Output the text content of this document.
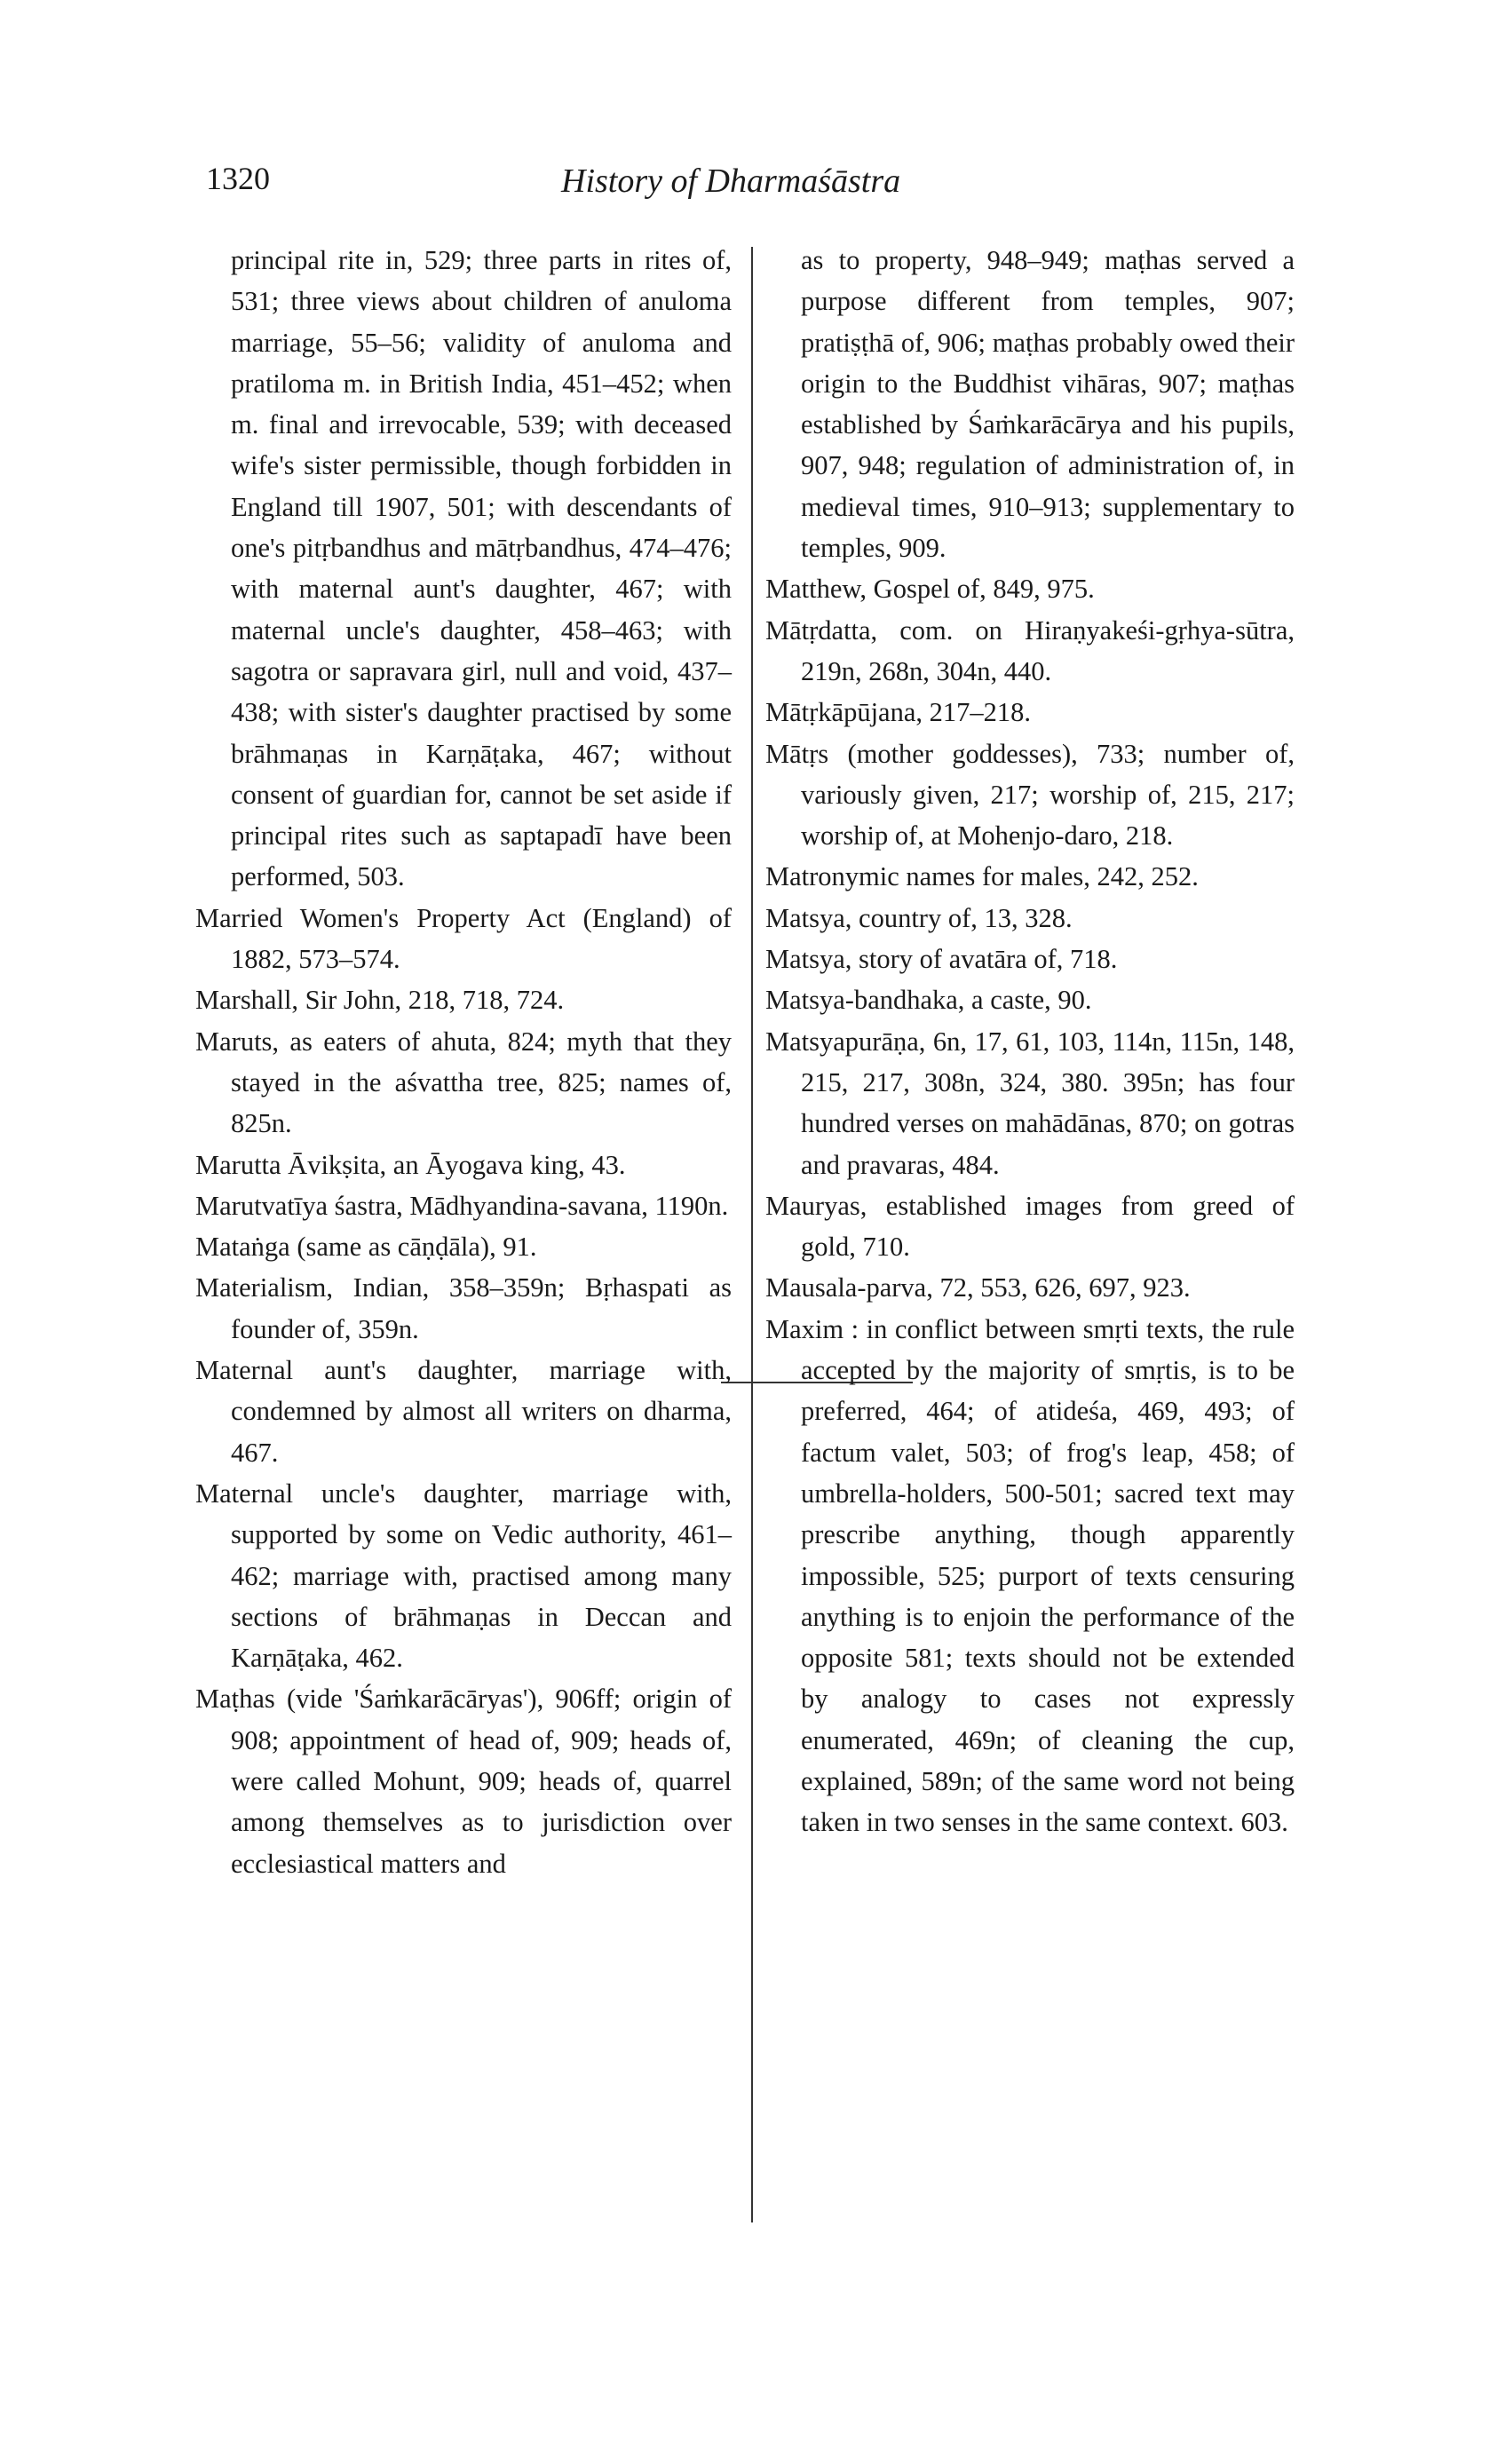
1320	History of Dharmaśāstra

principal rite in, 529; three parts in rites of, 531; three views about children of anuloma marriage, 55–56; validity of anuloma and pratiloma m. in British India, 451–452; when m. final and irrevocable, 539; with deceased wife's sister permissible, though forbidden in England till 1907, 501; with descendants of one's pitṛbandhus and mātṛbandhus, 474–476; with maternal aunt's daughter, 467; with maternal uncle's daughter, 458–463; with sagotra or sapravara girl, null and void, 437–438; with sister's daughter practised by some brāhmaṇas in Karṇāṭaka, 467; without consent of guardian for, cannot be set aside if principal rites such as saptapadī have been performed, 503.

Married Women's Property Act (England) of 1882, 573–574.

Marshall, Sir John, 218, 718, 724.

Maruts, as eaters of ahuta, 824; myth that they stayed in the aśvattha tree, 825; names of, 825n.

Marutta Āvikṣita, an Āyogava king, 43.

Marutvatīya śastra, Mādhyandina-savana, 1190n.

Mataṅga (same as cāṇḍāla), 91.

Materialism, Indian, 358–359n; Bṛhaspati as founder of, 359n.

Maternal aunt's daughter, marriage with, condemned by almost all writers on dharma, 467.

Maternal uncle's daughter, marriage with, supported by some on Vedic authority, 461–462; marriage with, practised among many sections of brāhmaṇas in Deccan and Karṇāṭaka, 462.

Maṭhas (vide 'Śaṁkarācāryas'), 906ff; origin of 908; appointment of head of, 909; heads of, were called Mohunt, 909; heads of, quarrel among themselves as to jurisdiction over ecclesiastical matters and

as to property, 948–949; maṭhas served a purpose different from temples, 907; pratiṣṭhā of, 906; maṭhas probably owed their origin to the Buddhist vihāras, 907; maṭhas established by Śaṁkarācārya and his pupils, 907, 948; regulation of administration of, in medieval times, 910–913; supplementary to temples, 909.

Matthew, Gospel of, 849, 975.

Mātṛdatta, com. on Hiraṇyakeśi-gṛhya-sūtra, 219n, 268n, 304n, 440.

Mātṛkāpūjana, 217–218.

Mātṛs (mother goddesses), 733; number of, variously given, 217; worship of, 215, 217; worship of, at Mohenjo-daro, 218.

Matronymic names for males, 242, 252.

Matsya, country of, 13, 328.

Matsya, story of avatāra of, 718.

Matsya-bandhaka, a caste, 90.

Matsyapurāṇa, 6n, 17, 61, 103, 114n, 115n, 148, 215, 217, 308n, 324, 380. 395n; has four hundred verses on mahādānas, 870; on gotras and pravaras, 484.

Mauryas, established images from greed of gold, 710.

Mausala-parva, 72, 553, 626, 697, 923.

Maxim : in conflict between smṛti texts, the rule accepted by the majority of smṛtis, is to be preferred, 464; of atideśa, 469, 493; of factum valet, 503; of frog's leap, 458; of umbrella-holders, 500-501; sacred text may prescribe anything, though apparently impossible, 525; purport of texts censuring anything is to enjoin the performance of the opposite 581; texts should not be extended by analogy to cases not expressly enumerated, 469n; of cleaning the cup, explained, 589n; of the same word not being taken in two senses in the same context. 603.
